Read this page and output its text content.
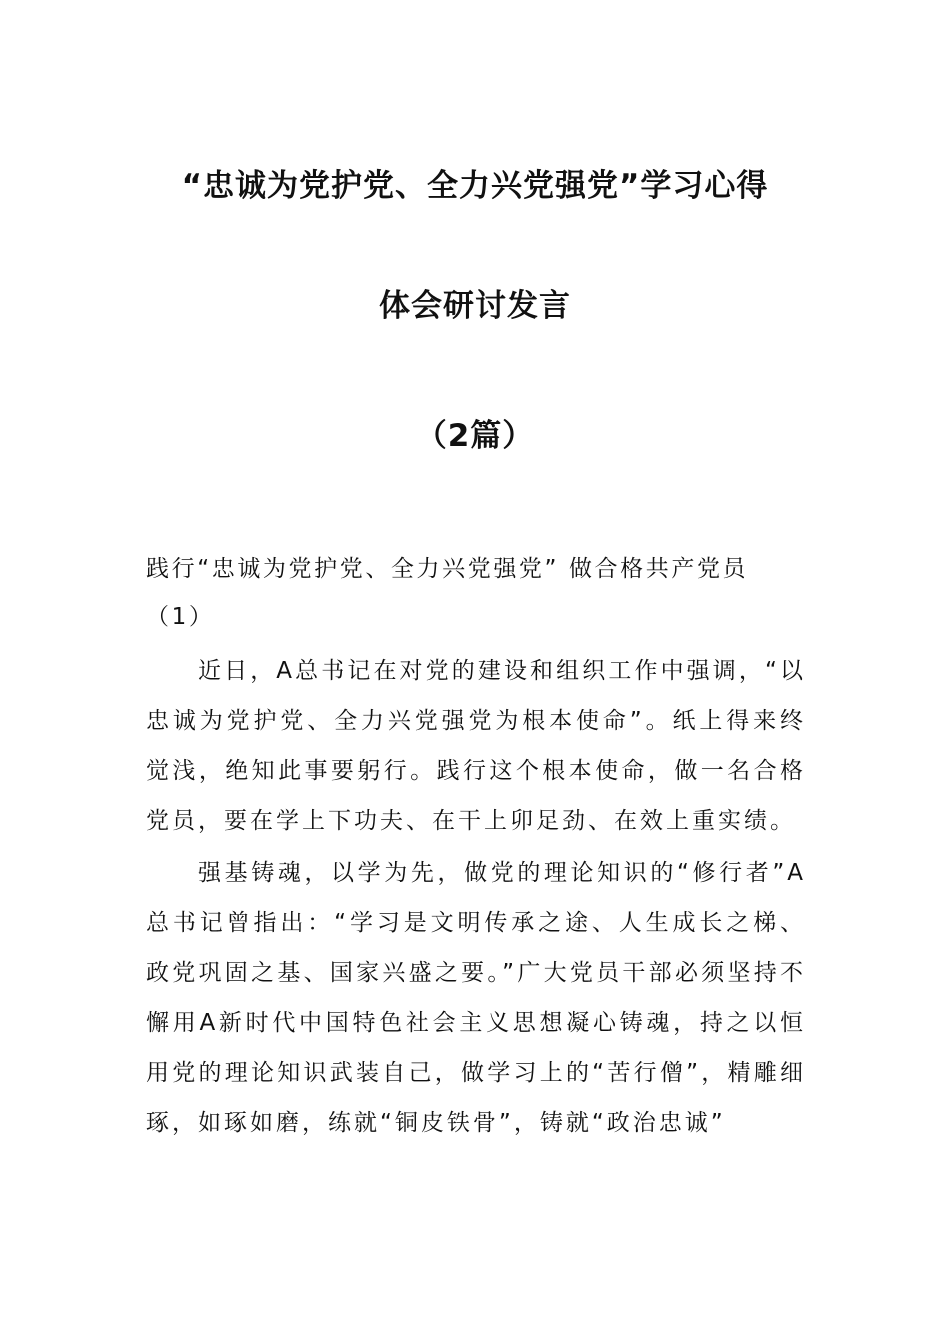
“忠诚为党护党、全力兴党强党”学习心得
体会研讨发言
（2篇）
践行“忠诚为党护党、全力兴党强党” 做合格共产党员
（1）
近日，A总书记在对党的建设和组织工作中强调，“以忠诚为党护党、全力兴党强党为根本使命”。纸上得来终觉浅，绝知此事要躬行。践行这个根本使命，做一名合格党员，要在学上下功夫、在干上卯足劲、在效上重实绩。
强基铸魂，以学为先，做党的理论知识的“修行者”A总书记曾指出：“学习是文明传承之途、人生成长之梯、政党巩固之基、国家兴盛之要。”广大党员干部必须坚持不懈用A新时代中国特色社会主义思想凝心铸魂，持之以恒用党的理论知识武装自己，做学习上的“苦行僧”，精雕细琢，如琢如磨，练就“铜皮铁骨”，铸就“政治忠诚”
